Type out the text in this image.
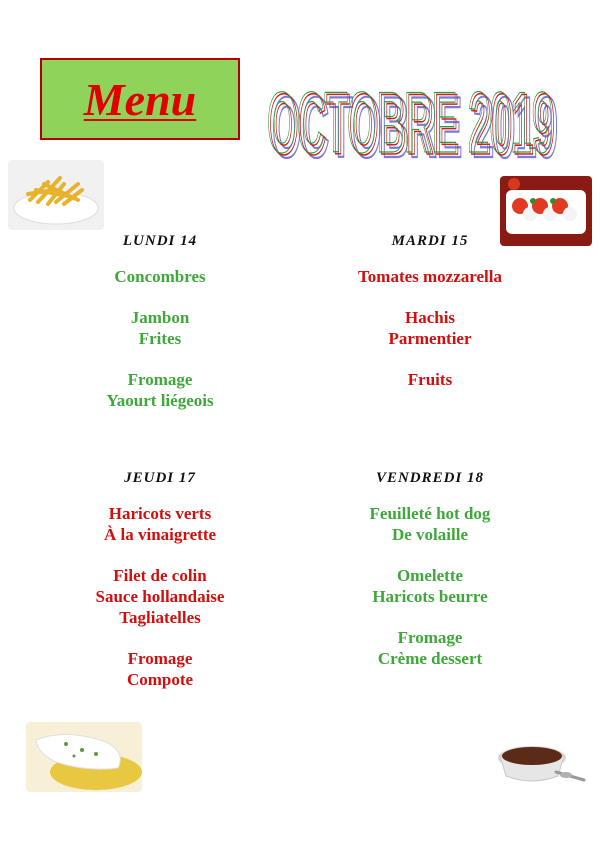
Menu OCTOBRE 2019
OCTOBRE 2019
OCTOBRE 2019
LUNDI 14
Concombres
Jambon
Frites
Fromage
Yaourt liégeois
MARDI 15
Tomates mozzarella
Hachis
Parmentier
Fruits
JEUDI 17
Haricots verts
À la vinaigrette
Filet de colin
Sauce hollandaise
Tagliatelles
Fromage
Compote
VENDREDI 18
Feuilleté hot dog
De volaille
Omelette
Haricots beurre
Fromage
Crème dessert
